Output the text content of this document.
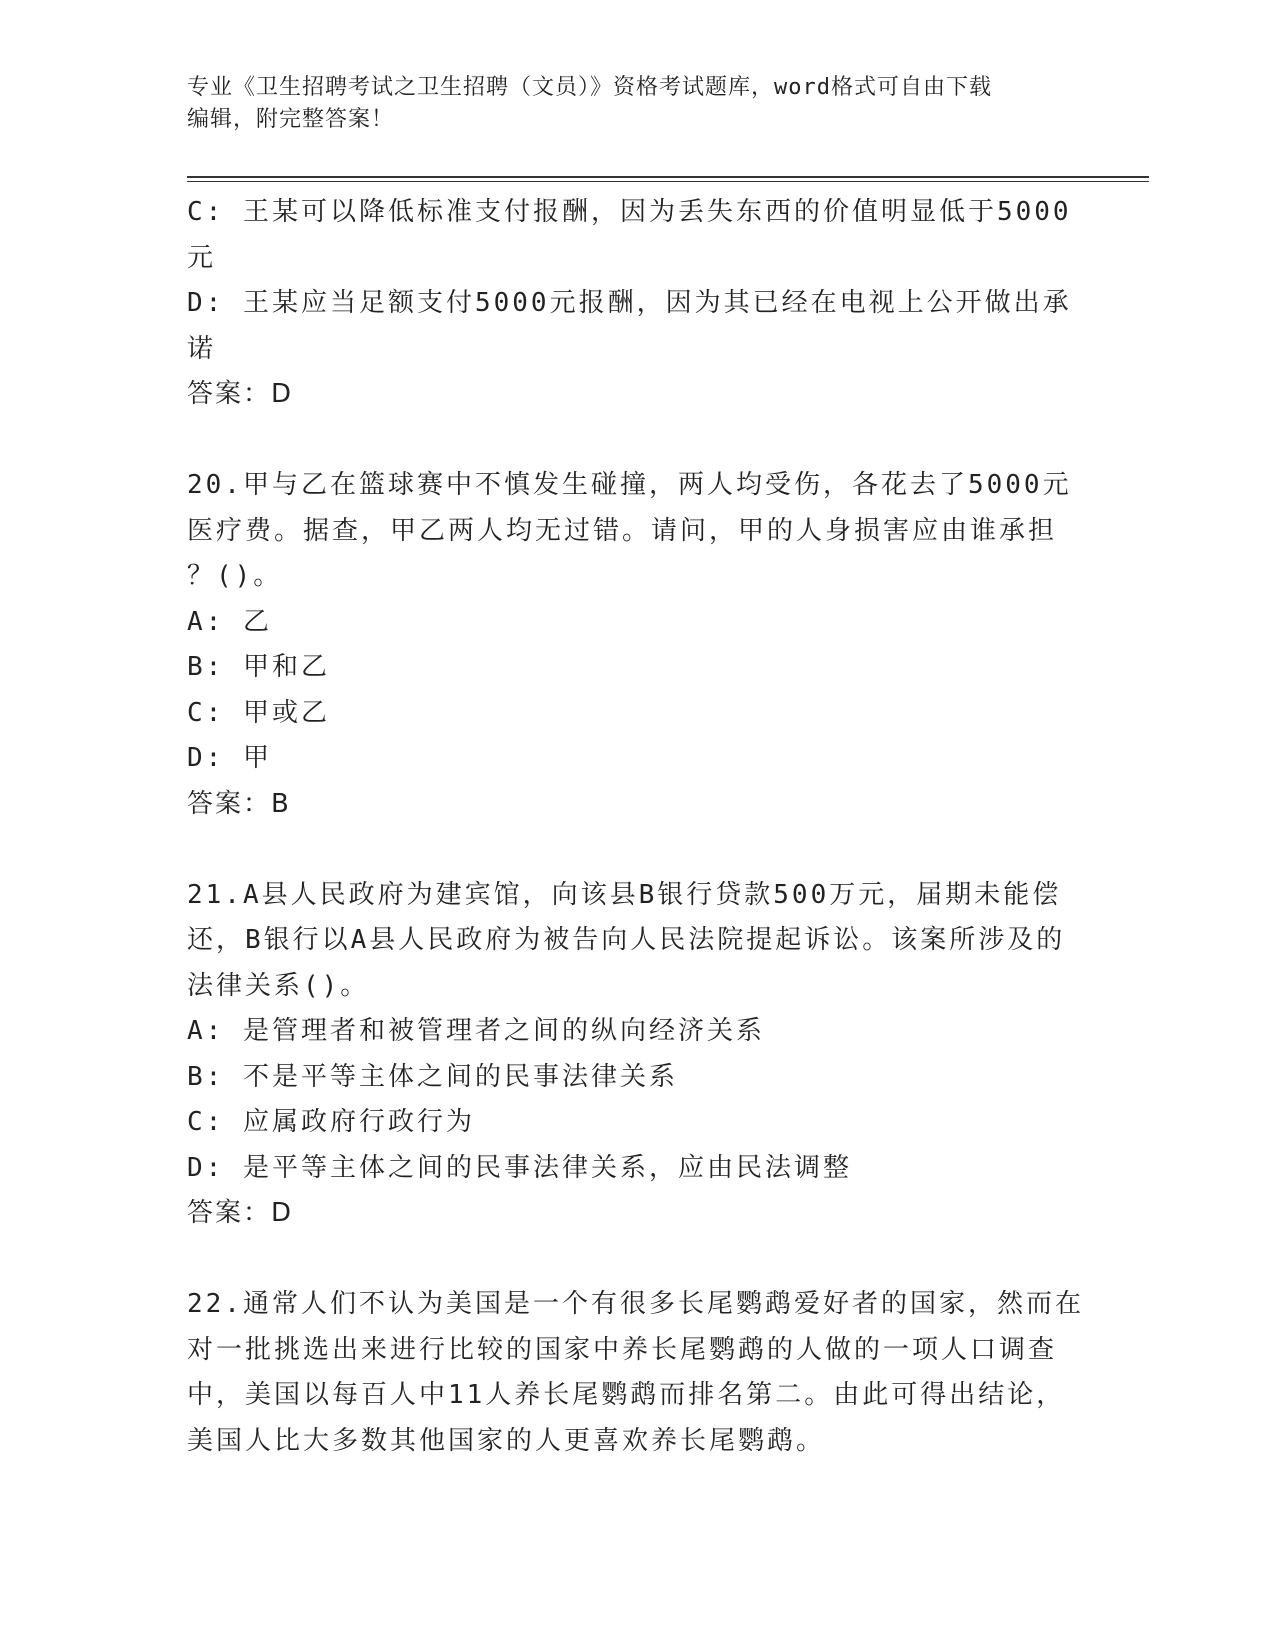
专业《卫生招聘考试之卫生招聘（文员）》资格考试题库，word格式可自由下载
编辑，附完整答案！
C: 王某可以降低标准支付报酬，因为丢失东西的价值明显低于5000
元
D: 王某应当足额支付5000元报酬，因为其已经在电视上公开做出承
诺
答案：D
20.甲与乙在篮球赛中不慎发生碰撞，两人均受伤，各花去了5000元
医疗费。据查，甲乙两人均无过错。请问，甲的人身损害应由谁承担
？()。
A: 乙
B: 甲和乙
C: 甲或乙
D: 甲
答案：B
21.A县人民政府为建宾馆，向该县B银行贷款500万元，届期未能偿
还，B银行以A县人民政府为被告向人民法院提起诉讼。该案所涉及的
法律关系()。
A: 是管理者和被管理者之间的纵向经济关系
B: 不是平等主体之间的民事法律关系
C: 应属政府行政行为
D: 是平等主体之间的民事法律关系，应由民法调整
答案：D
22.通常人们不认为美国是一个有很多长尾鹦鹉爱好者的国家，然而在
对一批挑选出来进行比较的国家中养长尾鹦鹉的人做的一项人口调查
中，美国以每百人中11人养长尾鹦鹉而排名第二。由此可得出结论，
美国人比大多数其他国家的人更喜欢养长尾鹦鹉。
